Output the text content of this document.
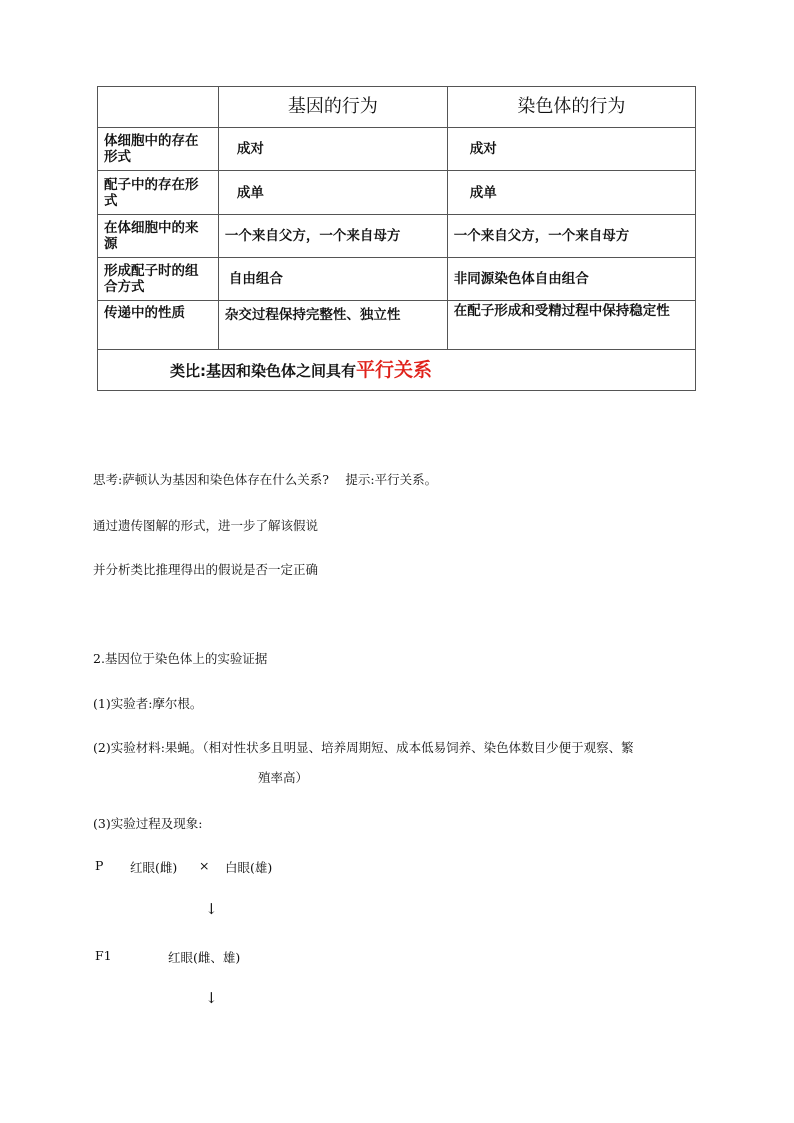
	基因的行为	染色体的行为
体细胞中的存在形式	成对	成对
配子中的存在形式	成单	成单
在体细胞中的来源	一个来自父方，一个来自母方	一个来自父方，一个来自母方
形成配子时的组合方式	自由组合	非同源染色体自由组合
传递中的性质	杂交过程保持完整性、独立性	在配子形成和受精过程中保持稳定性
类比:基因和染色体之间具有平行关系		
思考:萨顿认为基因和染色体存在什么关系?　 提示:平行关系。
通过遗传图解的形式，进一步了解该假说
并分析类比推理得出的假说是否一定正确
2.基因位于染色体上的实验证据
(1)实验者:摩尔根。
(2)实验材料:果蝇。（相对性状多且明显、培养周期短、成本低易饲养、染色体数目少便于观察、繁
殖率高）
(3)实验过程及现象:
P 红眼(雌) × 白眼(雄)
↓
F1	红眼(雌、雄)
↓
